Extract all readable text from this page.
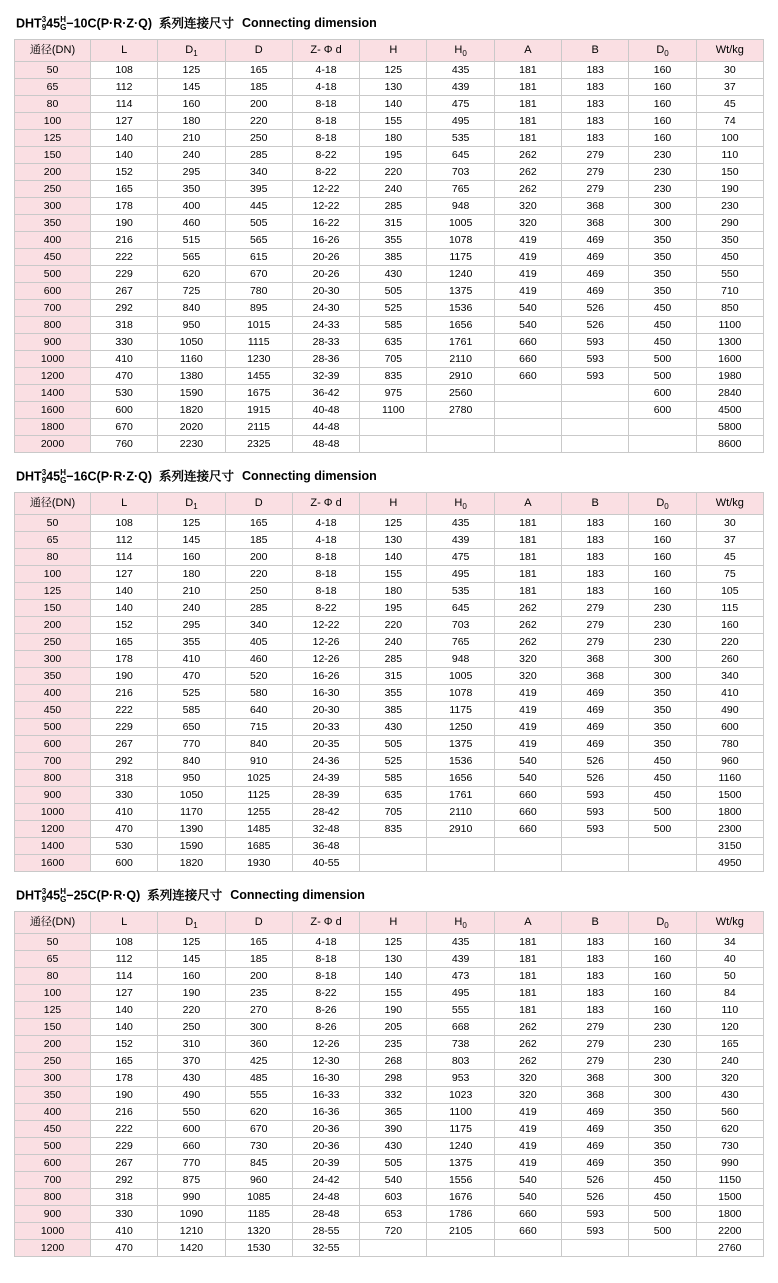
DHT 3
9 45 H
G −10C(P·R·Z·Q)  系列连接尺寸 Connecting dimension
通径(DN)	L	$D_1$	D	Z- Φ d	H	$H_0$	A	B	$D_0$	Wt/kg
50	108	125	165	4-18	125	435	181	183	160	30
65	112	145	185	4-18	130	439	181	183	160	37
80	114	160	200	8-18	140	475	181	183	160	45
100	127	180	220	8-18	155	495	181	183	160	74
125	140	210	250	8-18	180	535	181	183	160	100
150	140	240	285	8-22	195	645	262	279	230	110
200	152	295	340	8-22	220	703	262	279	230	150
250	165	350	395	12-22	240	765	262	279	230	190
300	178	400	445	12-22	285	948	320	368	300	230
350	190	460	505	16-22	315	1005	320	368	300	290
400	216	515	565	16-26	355	1078	419	469	350	350
450	222	565	615	20-26	385	1175	419	469	350	450
500	229	620	670	20-26	430	1240	419	469	350	550
600	267	725	780	20-30	505	1375	419	469	350	710
700	292	840	895	24-30	525	1536	540	526	450	850
800	318	950	1015	24-33	585	1656	540	526	450	1100
900	330	1050	1115	28-33	635	1761	660	593	450	1300
1000	410	1160	1230	28-36	705	2110	660	593	500	1600
1200	470	1380	1455	32-39	835	2910	660	593	500	1980
1400	530	1590	1675	36-42	975	2560			600	2840
1600	600	1820	1915	40-48	1100	2780			600	4500
1800	670	2020	2115	44-48						5800
2000	760	2230	2325	48-48						8600
DHT 3
9 45 H
G −16C(P·R·Z·Q)  系列连接尺寸 Connecting dimension
通径(DN)	L	$D_1$	D	Z- Φ d	H	$H_0$	A	B	$D_0$	Wt/kg
50	108	125	165	4-18	125	435	181	183	160	30
65	112	145	185	4-18	130	439	181	183	160	37
80	114	160	200	8-18	140	475	181	183	160	45
100	127	180	220	8-18	155	495	181	183	160	75
125	140	210	250	8-18	180	535	181	183	160	105
150	140	240	285	8-22	195	645	262	279	230	115
200	152	295	340	12-22	220	703	262	279	230	160
250	165	355	405	12-26	240	765	262	279	230	220
300	178	410	460	12-26	285	948	320	368	300	260
350	190	470	520	16-26	315	1005	320	368	300	340
400	216	525	580	16-30	355	1078	419	469	350	410
450	222	585	640	20-30	385	1175	419	469	350	490
500	229	650	715	20-33	430	1250	419	469	350	600
600	267	770	840	20-35	505	1375	419	469	350	780
700	292	840	910	24-36	525	1536	540	526	450	960
800	318	950	1025	24-39	585	1656	540	526	450	1160
900	330	1050	1125	28-39	635	1761	660	593	450	1500
1000	410	1170	1255	28-42	705	2110	660	593	500	1800
1200	470	1390	1485	32-48	835	2910	660	593	500	2300
1400	530	1590	1685	36-48						3150
1600	600	1820	1930	40-55						4950
DHT 3
9 45 H
G −25C(P·R·Q)  系列连接尺寸 Connecting dimension
通径(DN)	L	$D_1$	D	Z- Φ d	H	$H_0$	A	B	$D_0$	Wt/kg
50	108	125	165	4-18	125	435	181	183	160	34
65	112	145	185	8-18	130	439	181	183	160	40
80	114	160	200	8-18	140	473	181	183	160	50
100	127	190	235	8-22	155	495	181	183	160	84
125	140	220	270	8-26	190	555	181	183	160	110
150	140	250	300	8-26	205	668	262	279	230	120
200	152	310	360	12-26	235	738	262	279	230	165
250	165	370	425	12-30	268	803	262	279	230	240
300	178	430	485	16-30	298	953	320	368	300	320
350	190	490	555	16-33	332	1023	320	368	300	430
400	216	550	620	16-36	365	1100	419	469	350	560
450	222	600	670	20-36	390	1175	419	469	350	620
500	229	660	730	20-36	430	1240	419	469	350	730
600	267	770	845	20-39	505	1375	419	469	350	990
700	292	875	960	24-42	540	1556	540	526	450	1150
800	318	990	1085	24-48	603	1676	540	526	450	1500
900	330	1090	1185	28-48	653	1786	660	593	500	1800
1000	410	1210	1320	28-55	720	2105	660	593	500	2200
1200	470	1420	1530	32-55						2760
